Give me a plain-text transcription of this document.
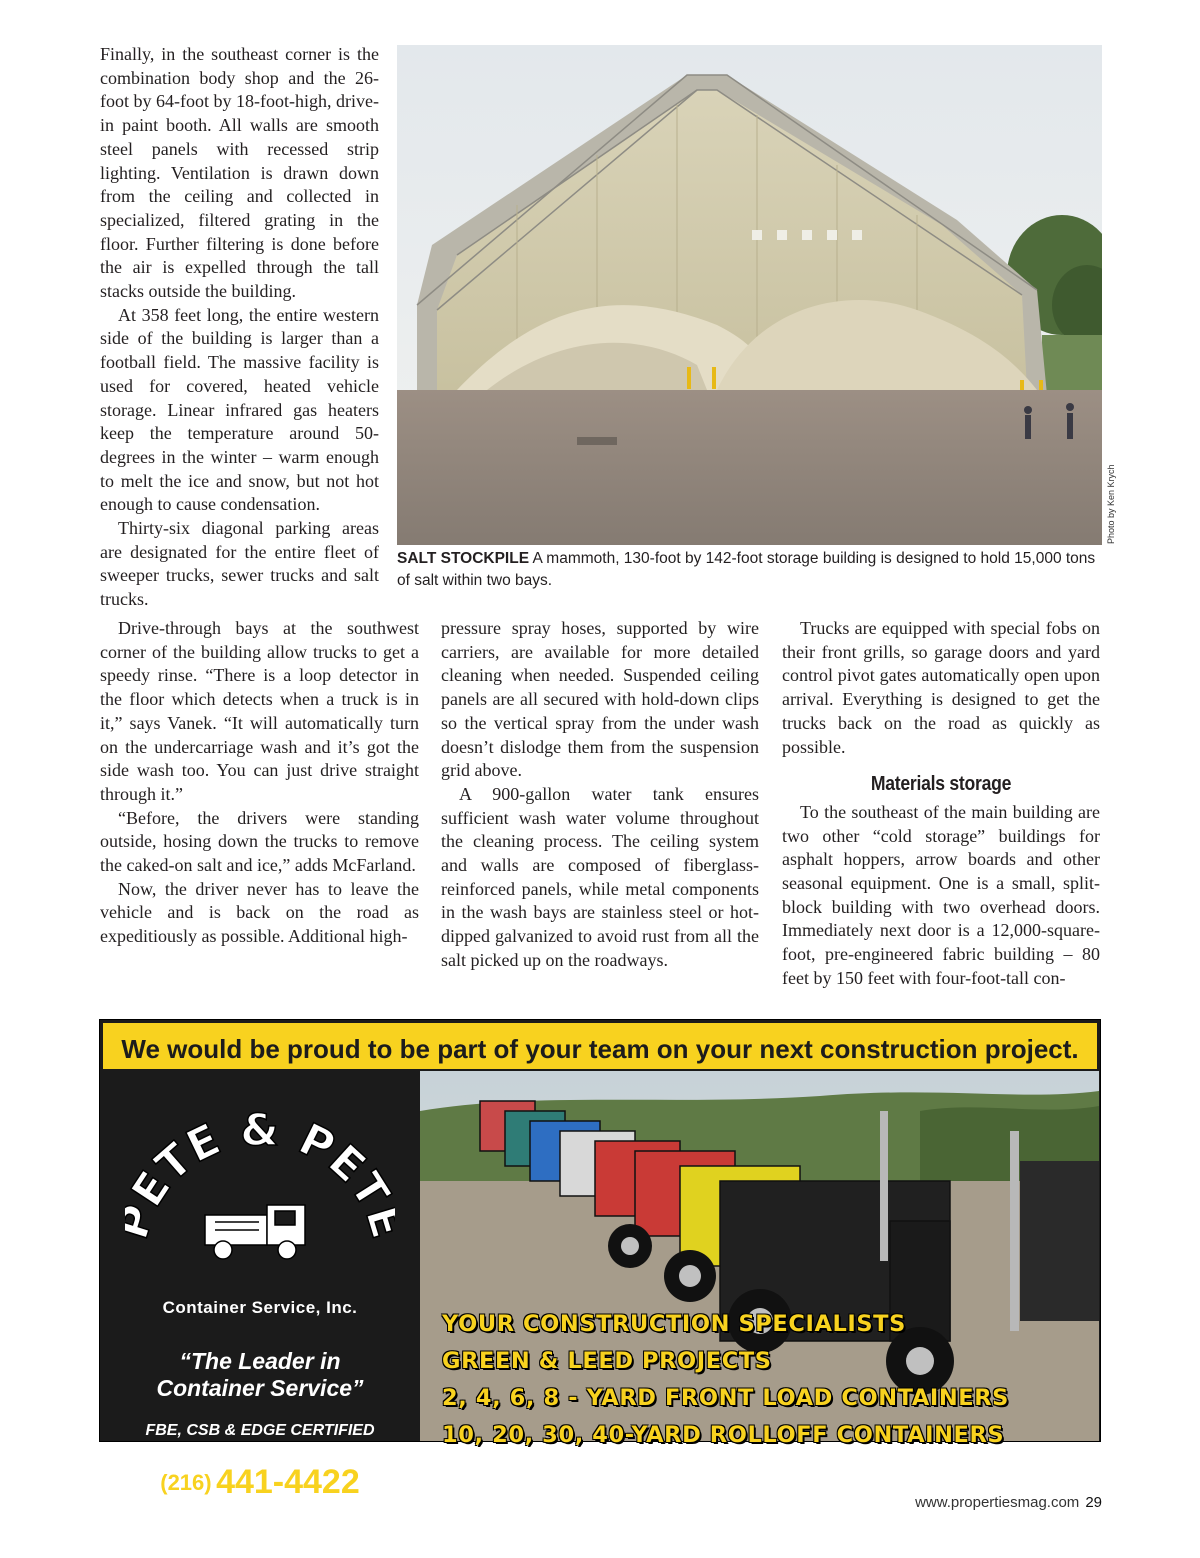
Finally, in the southeast corner is the combination body shop and the 26-foot by 64-foot by 18-foot-high, drive-in paint booth. All walls are smooth steel panels with recessed strip lighting. Ventilation is drawn down from the ceiling and collected in specialized, filtered grating in the floor. Further filtering is done before the air is expelled through the tall stacks outside the building.

At 358 feet long, the entire western side of the building is larger than a football field. The massive facility is used for covered, heated vehicle storage. Linear infrared gas heaters keep the temperature around 50-degrees in the winter – warm enough to melt the ice and snow, but not hot enough to cause condensation.

Thirty-six diagonal parking areas are designated for the entire fleet of sweeper trucks, sewer trucks and salt trucks.

Photo by Ken Krych
SALT STOCKPILE A mammoth, 130-foot by 142-foot storage building is designed to hold 15,000 tons of salt within two bays.

Drive-through bays at the southwest corner of the building allow trucks to get a speedy rinse. “There is a loop detector in the floor which detects when a truck is in it,” says Vanek. “It will automatically turn on the undercarriage wash and it’s got the side wash too. You can just drive straight through it.”

“Before, the drivers were standing outside, hosing down the trucks to remove the caked-on salt and ice,” adds McFarland.

Now, the driver never has to leave the vehicle and is back on the road as expeditiously as possible. Additional high-

pressure spray hoses, supported by wire carriers, are available for more detailed cleaning when needed. Suspended ceiling panels are all secured with hold-down clips so the vertical spray from the under wash doesn’t dislodge them from the suspension grid above.

A 900-gallon water tank ensures sufficient wash water volume throughout the cleaning process. The ceiling system and walls are composed of fiberglass-reinforced panels, while metal components in the wash bays are stainless steel or hot-dipped galvanized to avoid rust from all the salt picked up on the roadways.

Trucks are equipped with special fobs on their front grills, so garage doors and yard control pivot gates automatically open upon arrival. Everything is designed to get the trucks back on the road as quickly as possible.

Materials storage

To the southeast of the main building are two other “cold storage” buildings for asphalt hoppers, arrow boards and other seasonal equipment. One is a small, split-block building with two overhead doors. Immediately next door is a 12,000-square-foot, pre-engineered fabric building – 80 feet by 150 feet with four-foot-tall con-

We would be proud to be part of your team on your next construction project.
ETE & PET
Container Service, Inc.
“The Leader in
Container Service”
FBE, CSB & EDGE CERTIFIED
(216) 441-4422
WWW.PETEANDPETEINC.COM
YOUR CONSTRUCTION SPECIALISTS
GREEN & LEED PROJECTS
2, 4, 6, 8 - YARD FRONT LOAD CONTAINERS
10, 20, 30, 40-YARD ROLLOFF CONTAINERS
www.propertiesmag.com 29
